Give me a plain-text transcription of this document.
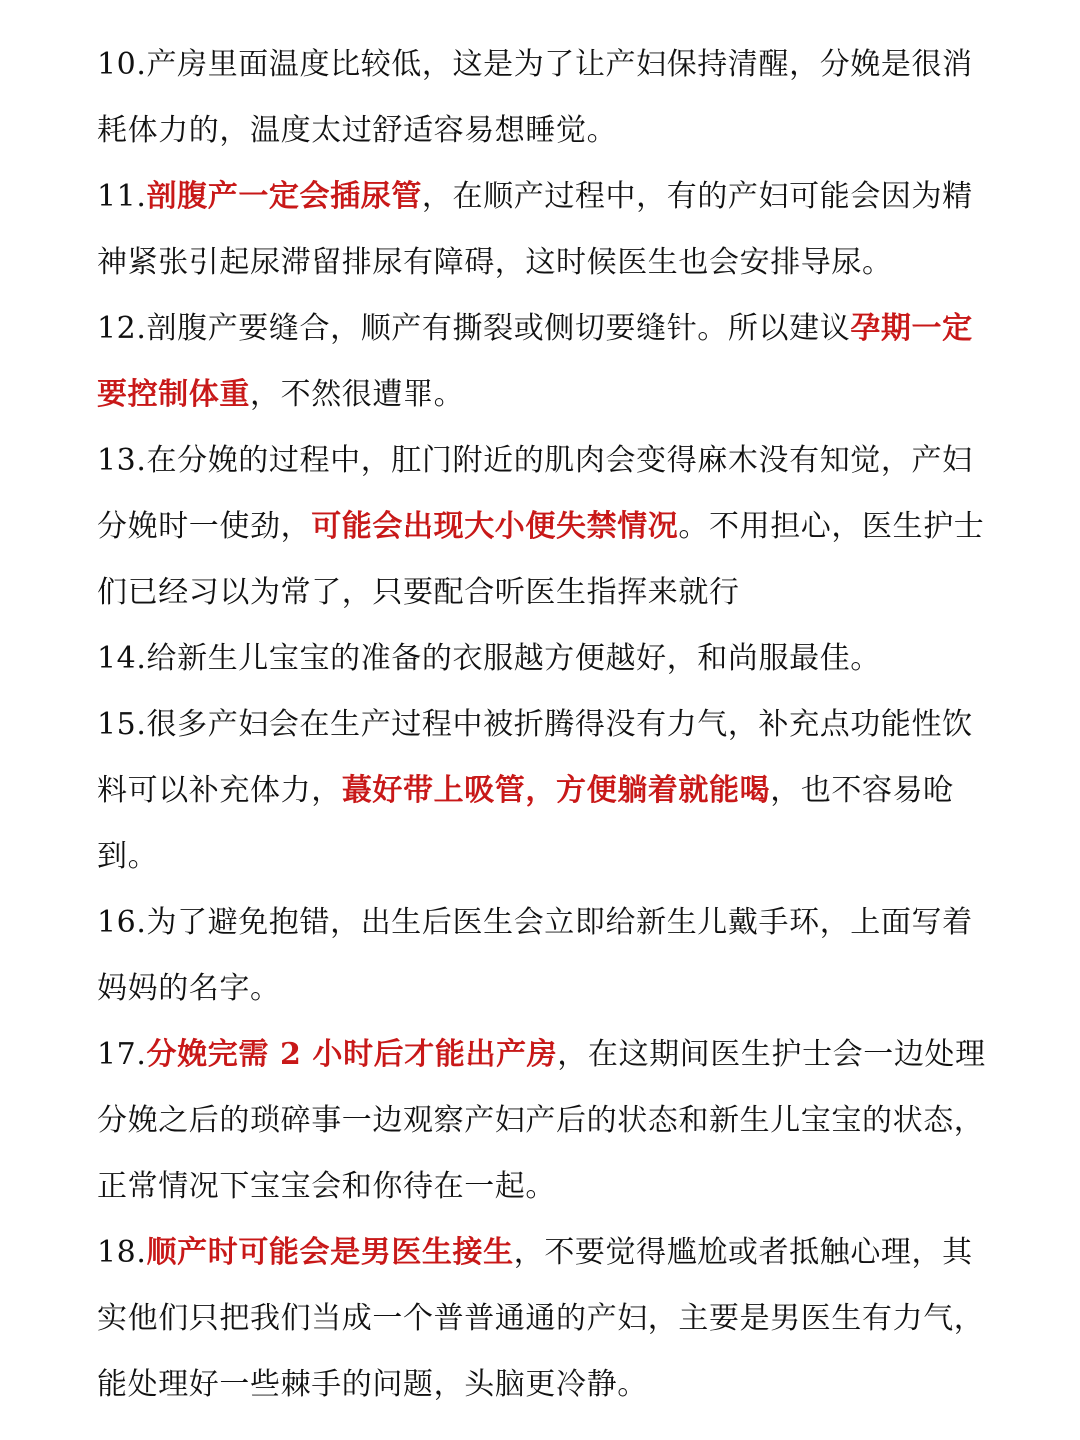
10.产房里面温度比较低，这是为了让产妇保持清醒，分娩是很消耗体力的，温度太过舒适容易想睡觉。

11.剖腹产一定会插尿管，在顺产过程中，有的产妇可能会因为精神紧张引起尿滞留排尿有障碍，这时候医生也会安排导尿。

12.剖腹产要缝合，顺产有撕裂或侧切要缝针。所以建议孕期一定要控制体重，不然很遭罪。

13.在分娩的过程中，肛门附近的肌肉会变得麻木没有知觉，产妇分娩时一使劲，可能会出现大小便失禁情况。不用担心，医生护士们已经习以为常了，只要配合听医生指挥来就行

14.给新生儿宝宝的准备的衣服越方便越好，和尚服最佳。

15.很多产妇会在生产过程中被折腾得没有力气，补充点功能性饮料可以补充体力，蕞好带上吸管，方便躺着就能喝，也不容易呛到。

16.为了避免抱错，出生后医生会立即给新生儿戴手环，上面写着妈妈的名字。

17.分娩完需 2 小时后才能出产房，在这期间医生护士会一边处理分娩之后的琐碎事一边观察产妇产后的状态和新生儿宝宝的状态，正常情况下宝宝会和你待在一起。

18.顺产时可能会是男医生接生，不要觉得尴尬或者抵触心理，其实他们只把我们当成一个普普通通的产妇，主要是男医生有力气，能处理好一些棘手的问题，头脑更冷静。
